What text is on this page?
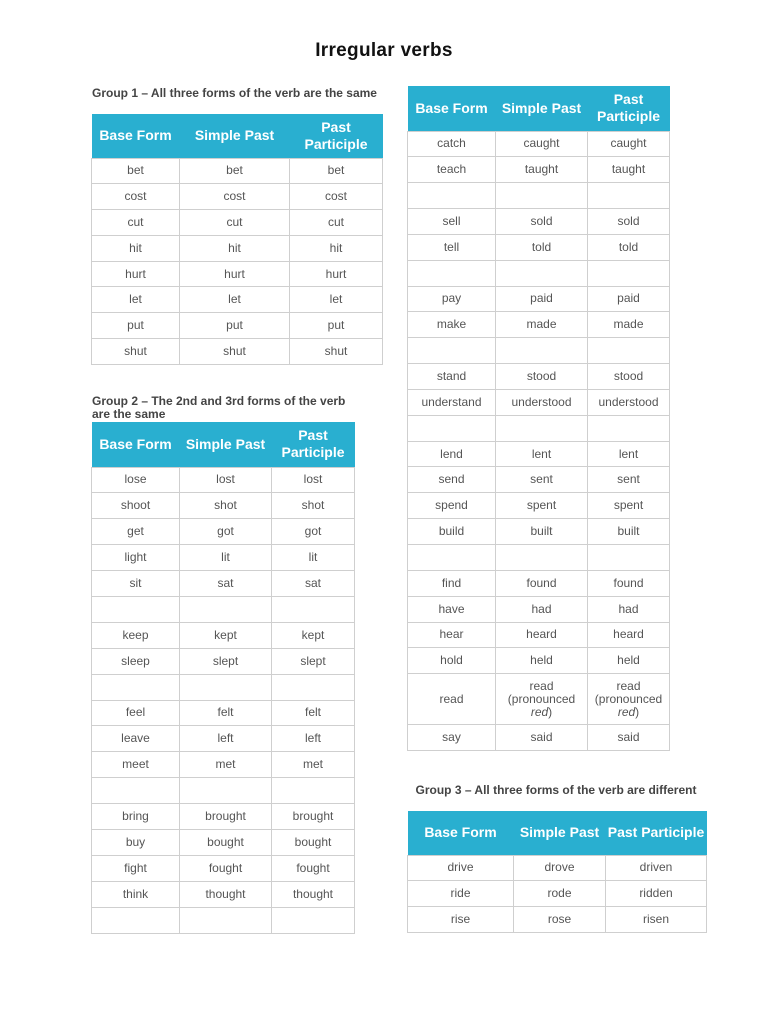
Irregular verbs
Group 1 – All three forms of the verb are the same
Base Form	Simple Past	Past Participle
bet	bet	bet
cost	cost	cost
cut	cut	cut
hit	hit	hit
hurt	hurt	hurt
let	let	let
put	put	put
shut	shut	shut
Group 2 – The 2nd and 3rd forms of the verb are the same
Base Form	Simple Past	Past Participle
lose	lost	lost
shoot	shot	shot
get	got	got
light	lit	lit
sit	sat	sat

keep	kept	kept
sleep	slept	slept

feel	felt	felt
leave	left	left
meet	met	met

bring	brought	brought
buy	bought	bought
fight	fought	fought
think	thought	thought

Base Form	Simple Past	Past Participle
catch	caught	caught
teach	taught	taught

sell	sold	sold
tell	told	told

pay	paid	paid
make	made	made

stand	stood	stood
understand	understood	understood

lend	lent	lent
send	sent	sent
spend	spent	spent
build	built	built

find	found	found
have	had	had
hear	heard	heard
hold	held	held
read	read (pronounced red)	read (pronounced red)
say	said	said
Group 3 – All three forms of the verb are different
Base Form	Simple Past	Past Participle
drive	drove	driven
ride	rode	ridden
rise	rose	risen
